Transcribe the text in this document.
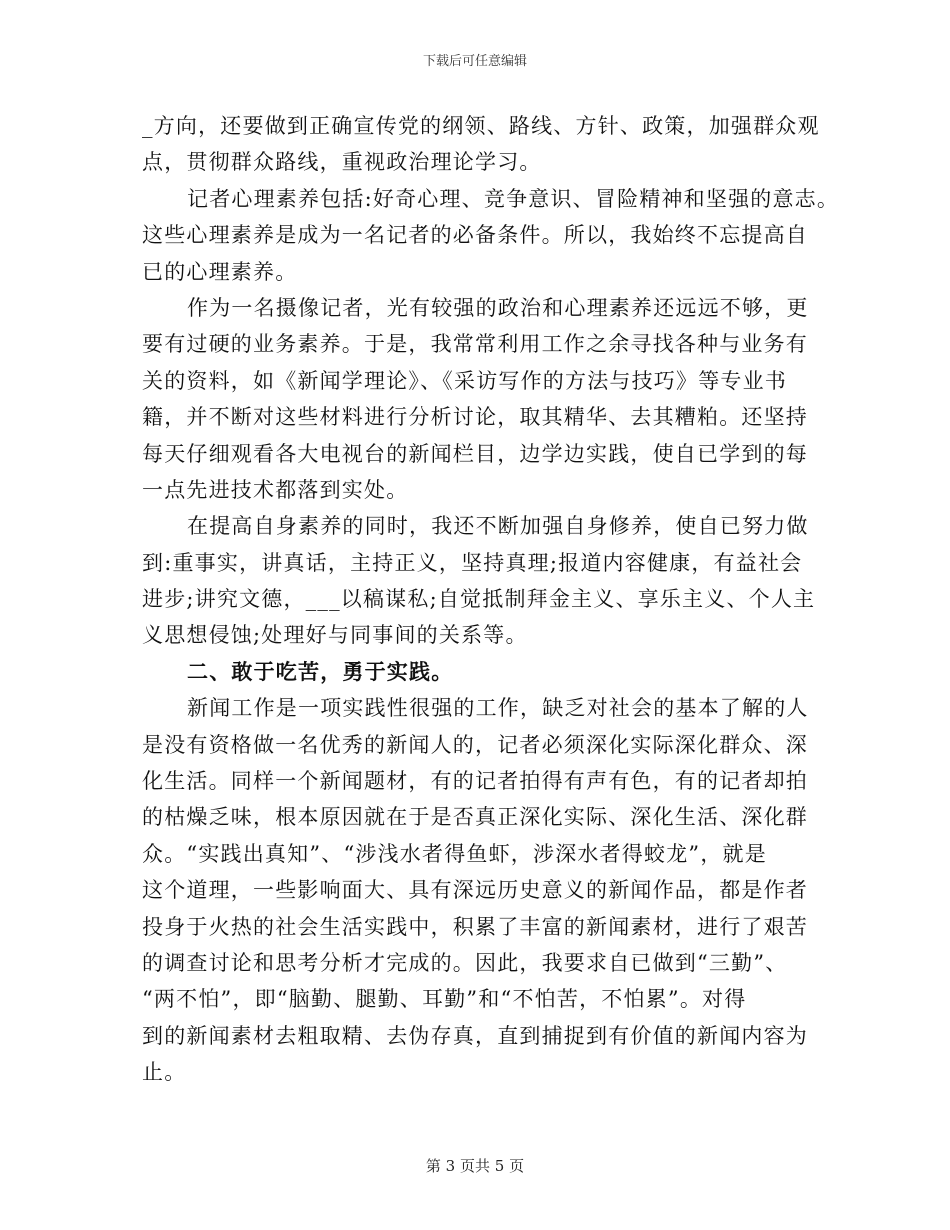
下载后可任意编辑
_方向，还要做到正确宣传党的纲领、路线、方针、政策，加强群众观
点，贯彻群众路线，重视政治理论学习。
记者心理素养包括:好奇心理、竞争意识、冒险精神和坚强的意志。
这些心理素养是成为一名记者的必备条件。所以，我始终不忘提高自
已的心理素养。
作为一名摄像记者，光有较强的政治和心理素养还远远不够，更
要有过硬的业务素养。于是，我常常利用工作之余寻找各种与业务有
关的资料，如《新闻学理论》、《采访写作的方法与技巧》等专业书
籍，并不断对这些材料进行分析讨论，取其精华、去其糟粕。还坚持
每天仔细观看各大电视台的新闻栏目，边学边实践，使自已学到的每
一点先进技术都落到实处。
在提高自身素养的同时，我还不断加强自身修养，使自已努力做
到:重事实，讲真话，主持正义，坚持真理;报道内容健康，有益社会
进步;讲究文德，___以稿谋私;自觉抵制拜金主义、享乐主义、个人主
义思想侵蚀;处理好与同事间的关系等。
二、敢于吃苦，勇于实践。
新闻工作是一项实践性很强的工作，缺乏对社会的基本了解的人
是没有资格做一名优秀的新闻人的，记者必须深化实际深化群众、深
化生活。同样一个新闻题材，有的记者拍得有声有色，有的记者却拍
的枯燥乏味，根本原因就在于是否真正深化实际、深化生活、深化群
众。“实践出真知”、“涉浅水者得鱼虾，涉深水者得蛟龙”，就是
这个道理，一些影响面大、具有深远历史意义的新闻作品，都是作者
投身于火热的社会生活实践中，积累了丰富的新闻素材，进行了艰苦
的调查讨论和思考分析才完成的。因此，我要求自已做到“三勤”、
“两不怕”，即“脑勤、腿勤、耳勤”和“不怕苦，不怕累”。对得
到的新闻素材去粗取精、去伪存真，直到捕捉到有价值的新闻内容为
止。
第 3 页共 5 页
